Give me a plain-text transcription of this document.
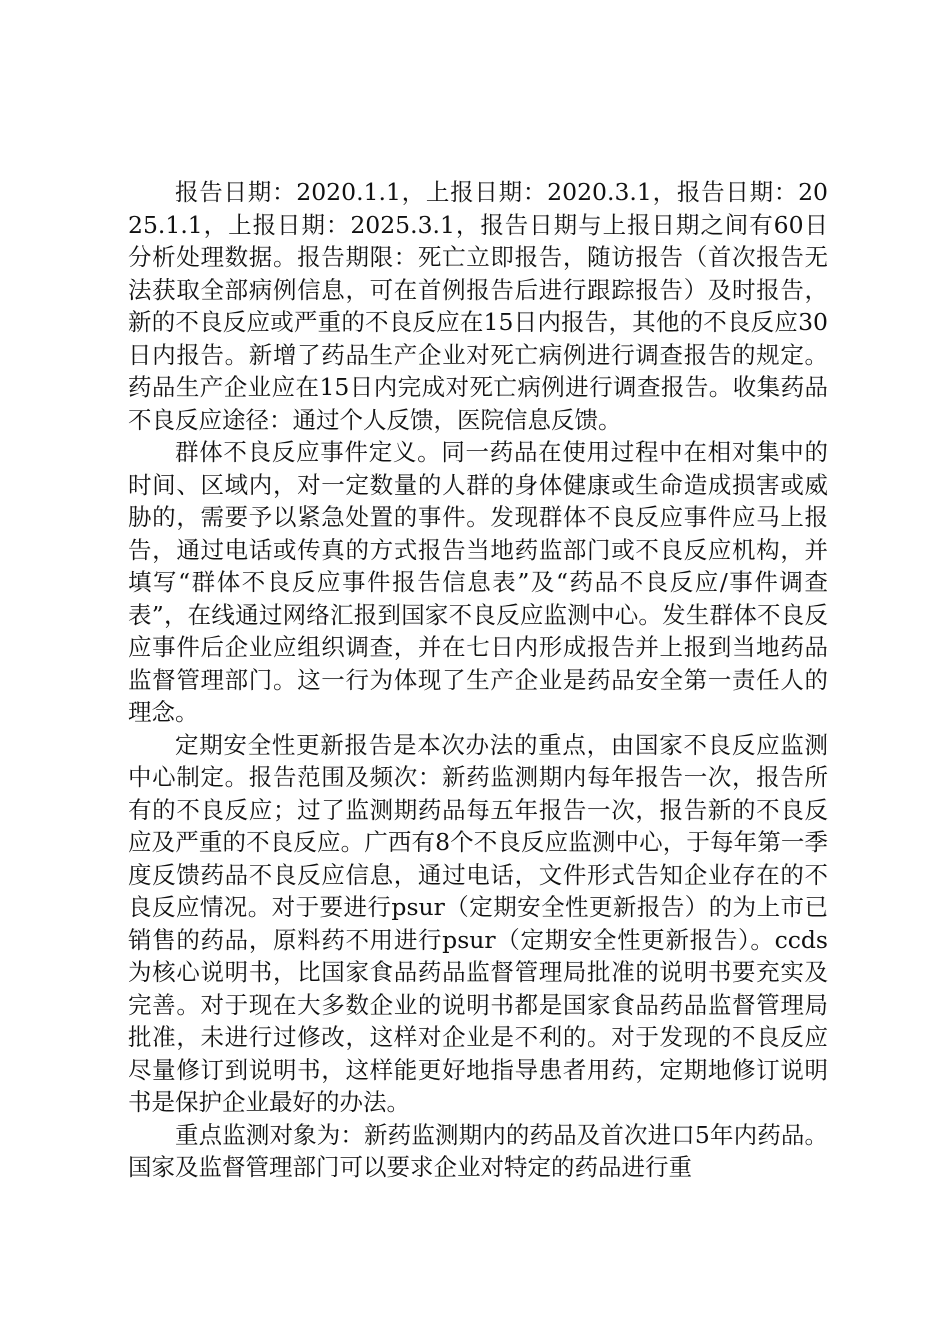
报告日期：2020.1.1，上报日期：2020.3.1，报告日期：2025.1.1，上报日期：2025.3.1，报告日期与上报日期之间有60日分析处理数据。报告期限：死亡立即报告，随访报告（首次报告无法获取全部病例信息，可在首例报告后进行跟踪报告）及时报告，新的不良反应或严重的不良反应在15日内报告，其他的不良反应30日内报告。新增了药品生产企业对死亡病例进行调查报告的规定。药品生产企业应在15日内完成对死亡病例进行调查报告。收集药品不良反应途径：通过个人反馈，医院信息反馈。

群体不良反应事件定义。同一药品在使用过程中在相对集中的时间、区域内，对一定数量的人群的身体健康或生命造成损害或威胁的，需要予以紧急处置的事件。发现群体不良反应事件应马上报告，通过电话或传真的方式报告当地药监部门或不良反应机构，并填写“群体不良反应事件报告信息表”及“药品不良反应/事件调查表”，在线通过网络汇报到国家不良反应监测中心。发生群体不良反应事件后企业应组织调查，并在七日内形成报告并上报到当地药品监督管理部门。这一行为体现了生产企业是药品安全第一责任人的理念。

定期安全性更新报告是本次办法的重点，由国家不良反应监测中心制定。报告范围及频次：新药监测期内每年报告一次，报告所有的不良反应；过了监测期药品每五年报告一次，报告新的不良反应及严重的不良反应。广西有8个不良反应监测中心，于每年第一季度反馈药品不良反应信息，通过电话，文件形式告知企业存在的不良反应情况。对于要进行psur（定期安全性更新报告）的为上市已销售的药品，原料药不用进行psur（定期安全性更新报告）。ccds为核心说明书，比国家食品药品监督管理局批准的说明书要充实及完善。对于现在大多数企业的说明书都是国家食品药品监督管理局批准，未进行过修改，这样对企业是不利的。对于发现的不良反应尽量修订到说明书，这样能更好地指导患者用药，定期地修订说明书是保护企业最好的办法。

重点监测对象为：新药监测期内的药品及首次进口5年内药品。国家及监督管理部门可以要求企业对特定的药品进行重
